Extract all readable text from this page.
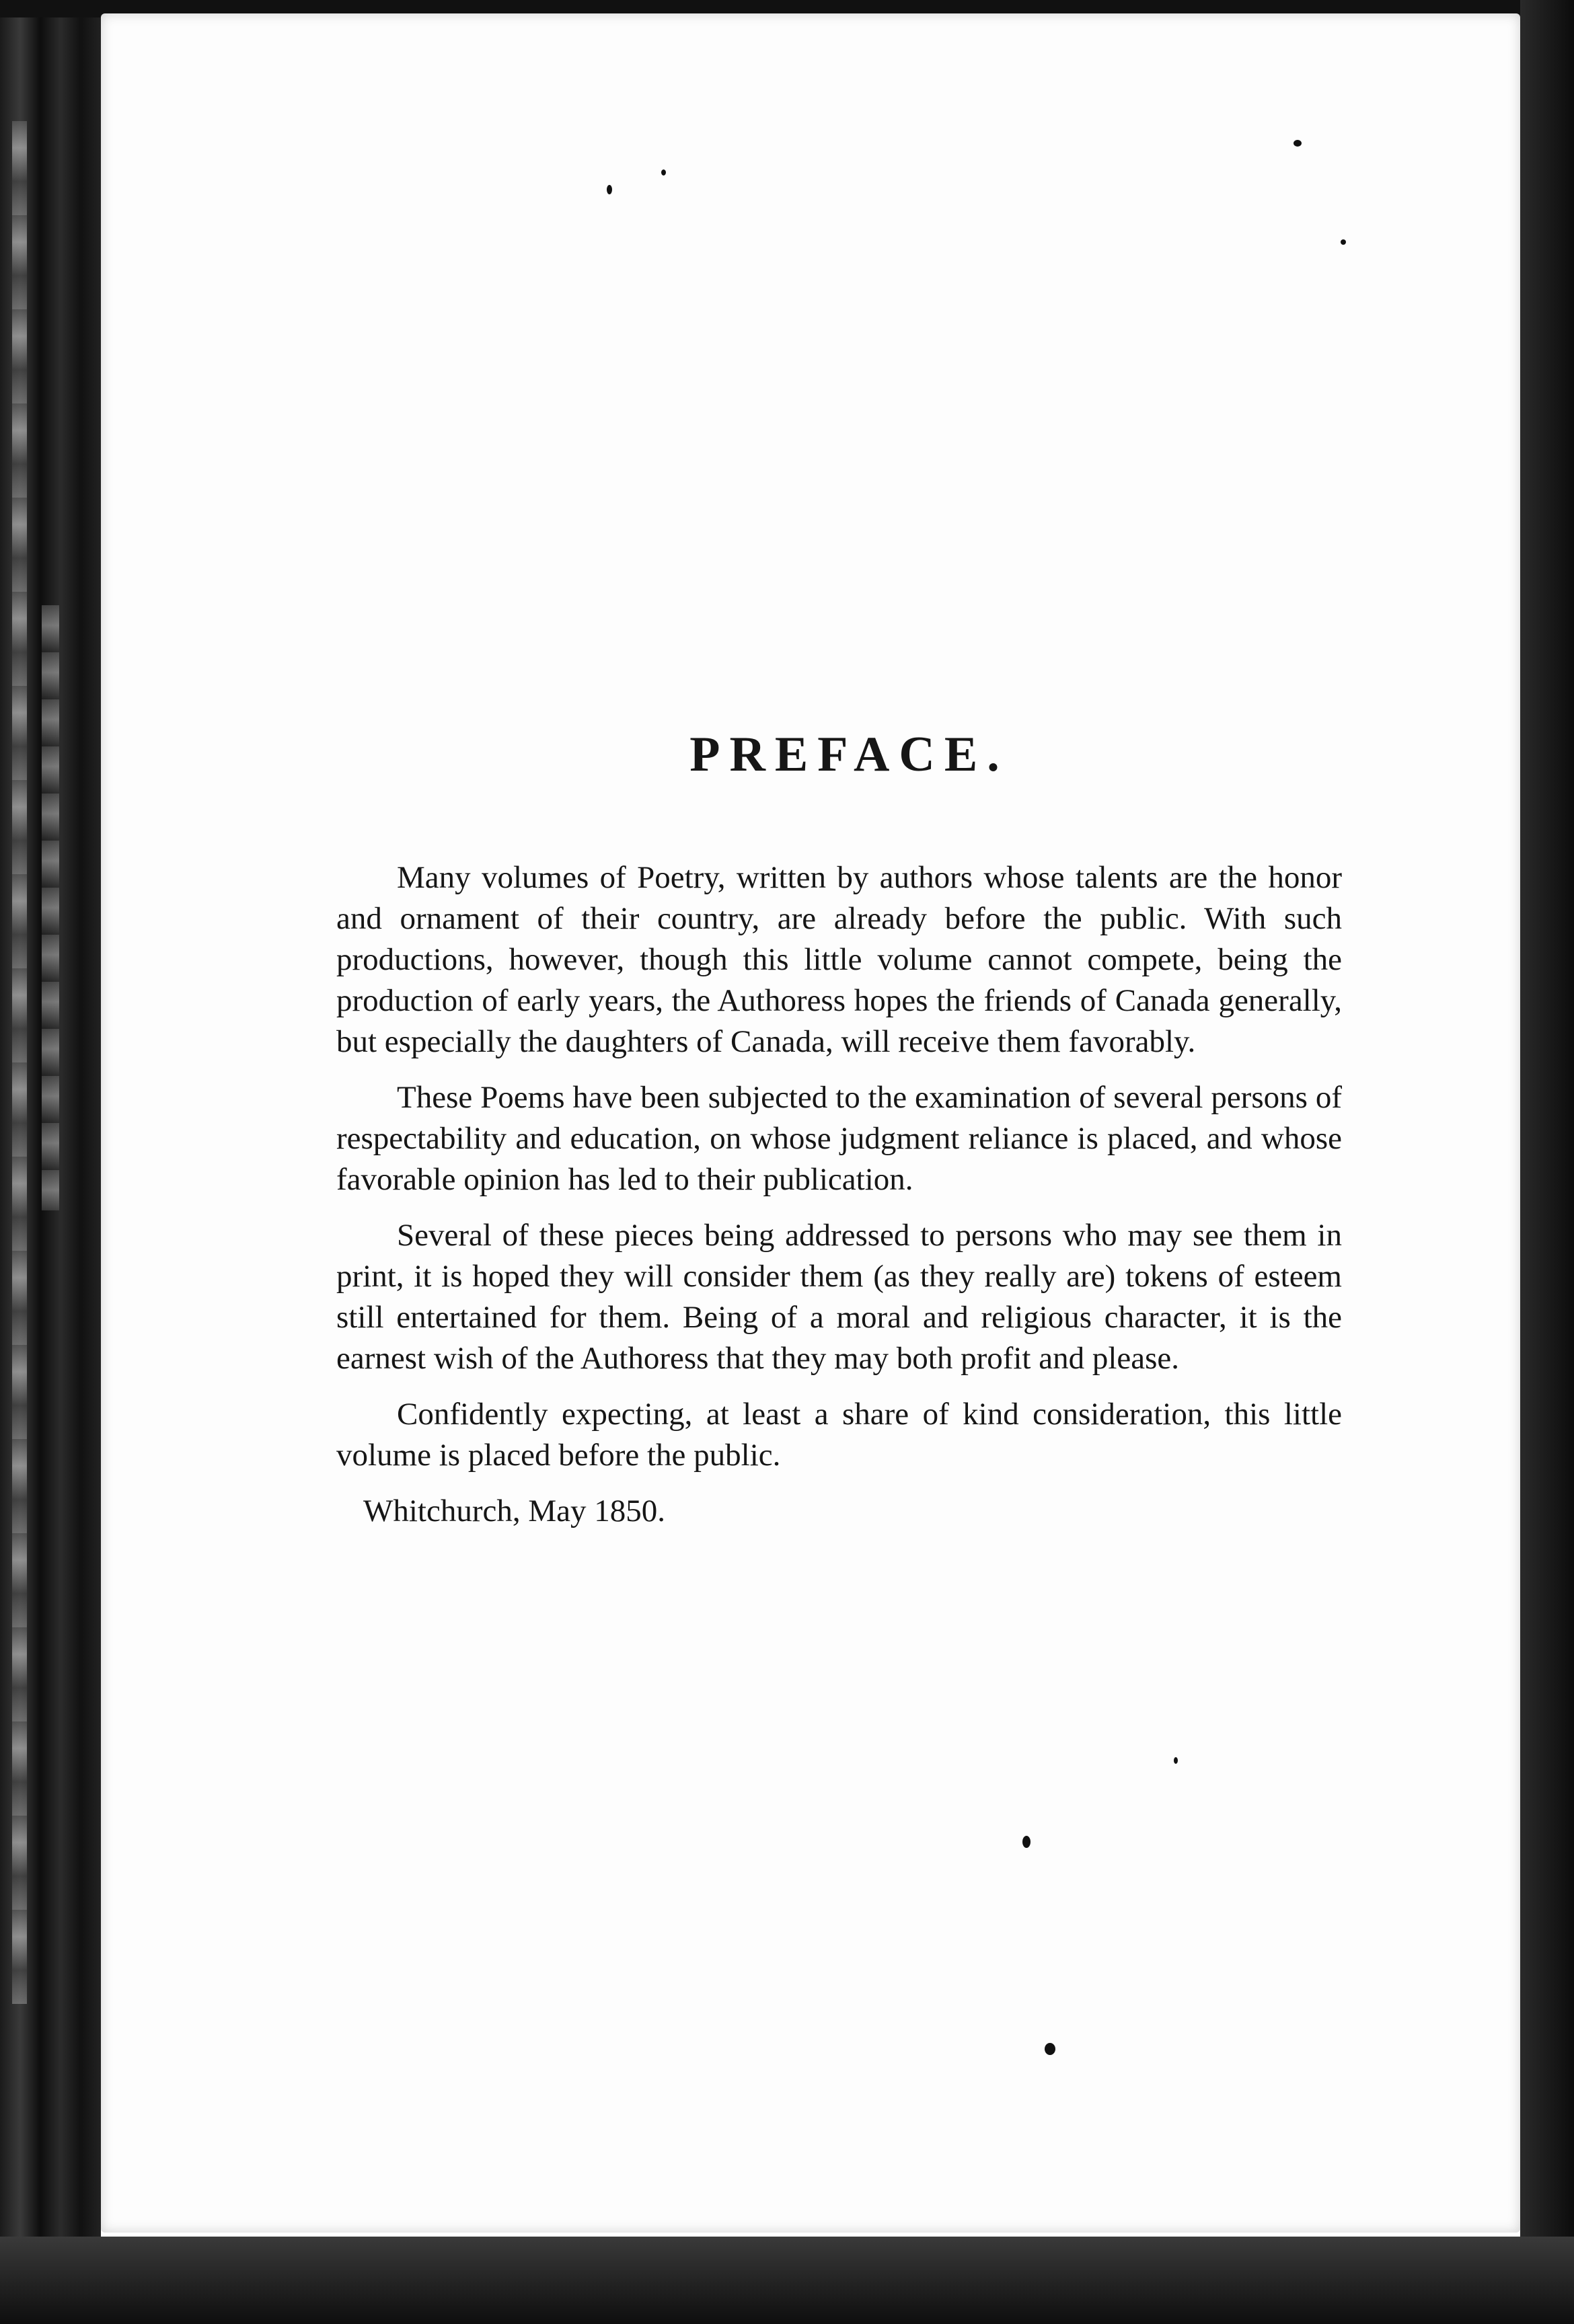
PREFACE.

Many volumes of Poetry, written by authors whose talents are the honor and ornament of their country, are already before the public. With such productions, however, though this little volume cannot compete, being the production of early years, the Authoress hopes the friends of Canada generally, but especially the daughters of Canada, will receive them favorably.

These Poems have been subjected to the examination of several persons of respectability and education, on whose judgment reliance is placed, and whose favorable opinion has led to their publication.

Several of these pieces being addressed to persons who may see them in print, it is hoped they will consider them (as they really are) tokens of esteem still entertained for them. Being of a moral and religious character, it is the earnest wish of the Authoress that they may both profit and please.

Confidently expecting, at least a share of kind consideration, this little volume is placed before the public.

Whitchurch, May 1850.
